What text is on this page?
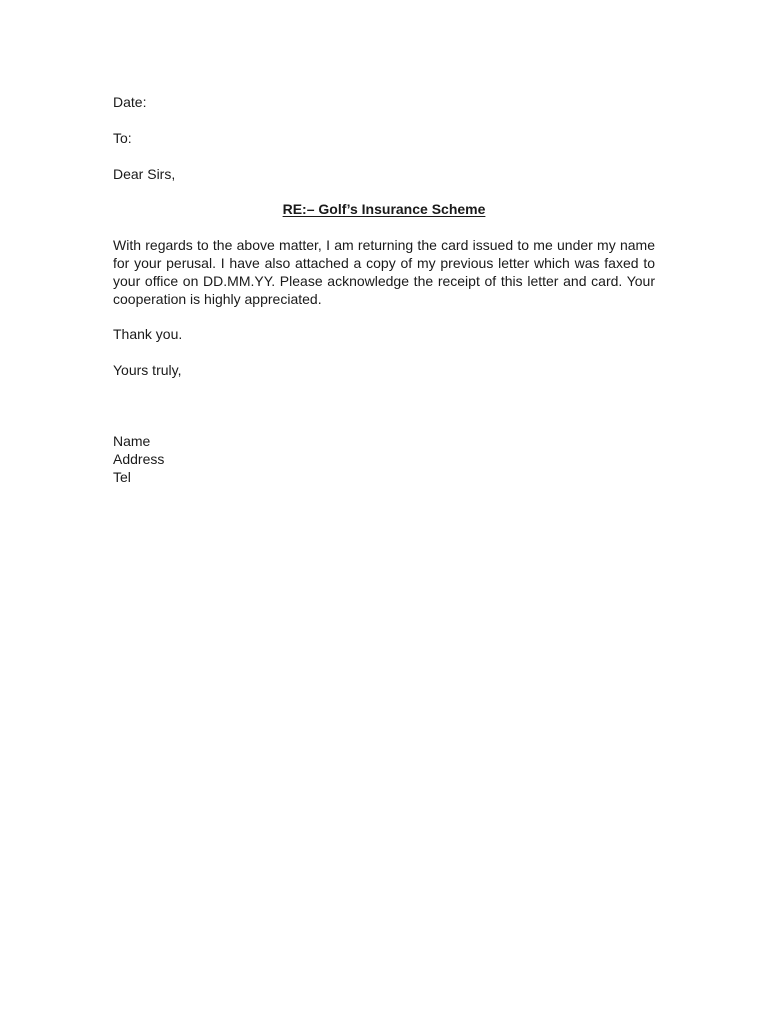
Date:
To:
Dear Sirs,
RE:– Golf’s Insurance Scheme
With regards to the above matter, I am returning the card issued to me under my name for your perusal. I have also attached a copy of my previous letter which was faxed to your office on DD.MM.YY. Please acknowledge the receipt of this letter and card. Your cooperation is highly appreciated.
Thank you.
Yours truly,
Name
Address
Tel
